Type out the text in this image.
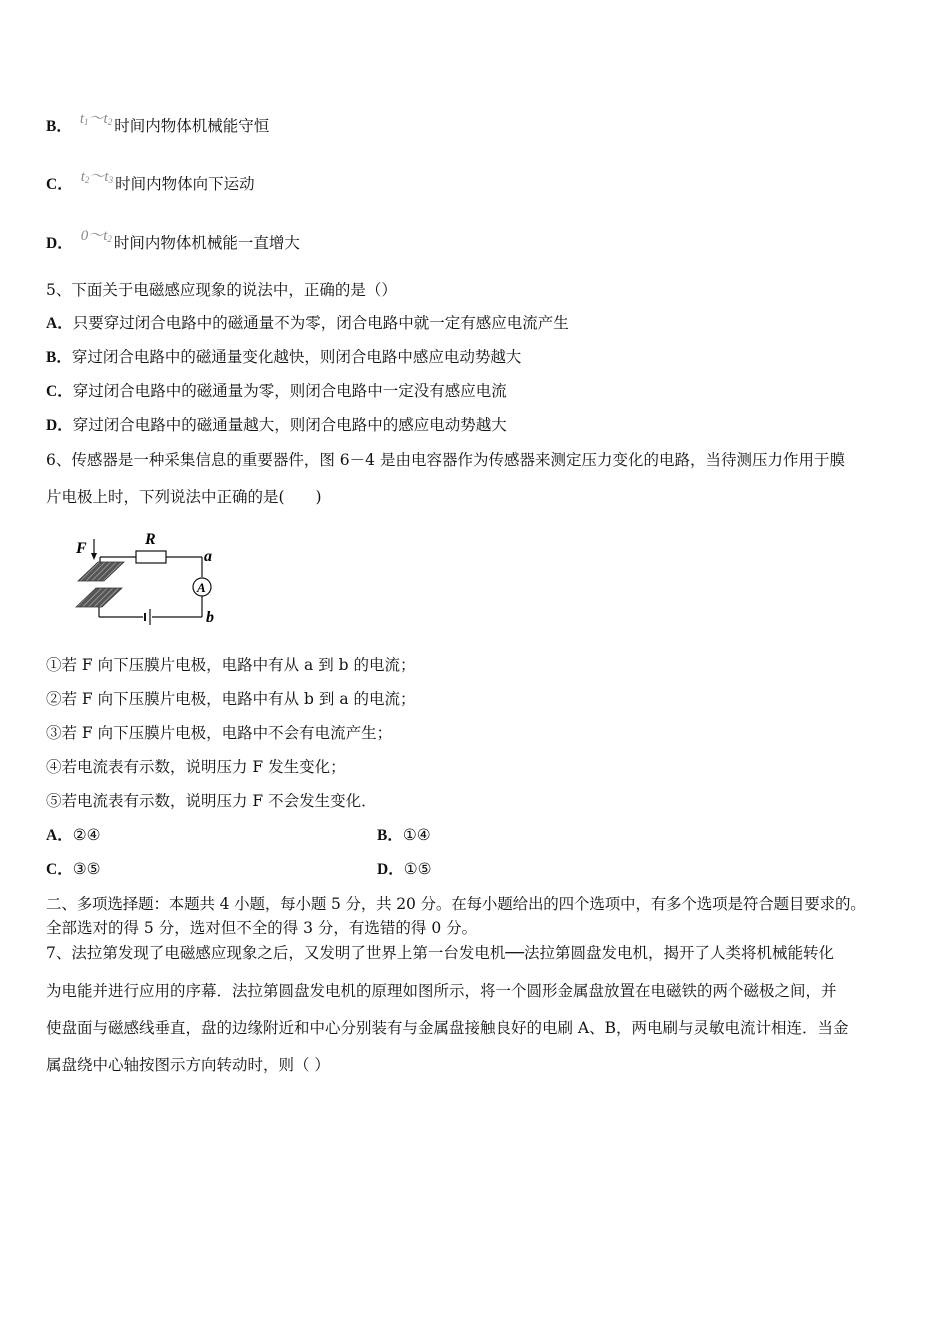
B． $t_1\sim t_2$ 时间内物体机械能守恒
C． $t_2\sim t_3$ 时间内物体向下运动
D． $0\sim t_2$ 时间内物体机械能一直增大
5、下面关于电磁感应现象的说法中，正确的是（）
A．只要穿过闭合电路中的磁通量不为零，闭合电路中就一定有感应电流产生
B．穿过闭合电路中的磁通量变化越快，则闭合电路中感应电动势越大
C．穿过闭合电路中的磁通量为零，则闭合电路中一定没有感应电流
D．穿过闭合电路中的磁通量越大，则闭合电路中的感应电动势越大
6、传感器是一种采集信息的重要器件，图 6－4 是由电容器作为传感器来测定压力变化的电路，当待测压力作用于膜
片电极上时，下列说法中正确的是(　　)
F
R
a
A
b
①若 F 向下压膜片电极，电路中有从 a 到 b 的电流；
②若 F 向下压膜片电极，电路中有从 b 到 a 的电流；
③若 F 向下压膜片电极，电路中不会有电流产生；
④若电流表有示数，说明压力 F 发生变化；
⑤若电流表有示数，说明压力 F 不会发生变化．
A．②④	B．①④
C．③⑤	D．①⑤
二、多项选择题：本题共 4 小题，每小题 5 分，共 20 分。在每小题给出的四个选项中，有多个选项是符合题目要求的。
全部选对的得 5 分，选对但不全的得 3 分，有选错的得 0 分。
7、法拉第发现了电磁感应现象之后，又发明了世界上第一台发电机──法拉第圆盘发电机，揭开了人类将机械能转化
为电能并进行应用的序幕．法拉第圆盘发电机的原理如图所示，将一个圆形金属盘放置在电磁铁的两个磁极之间，并
使盘面与磁感线垂直，盘的边缘附近和中心分别装有与金属盘接触良好的电刷 A、B，两电刷与灵敏电流计相连．当金
属盘绕中心轴按图示方向转动时，则（ ）
